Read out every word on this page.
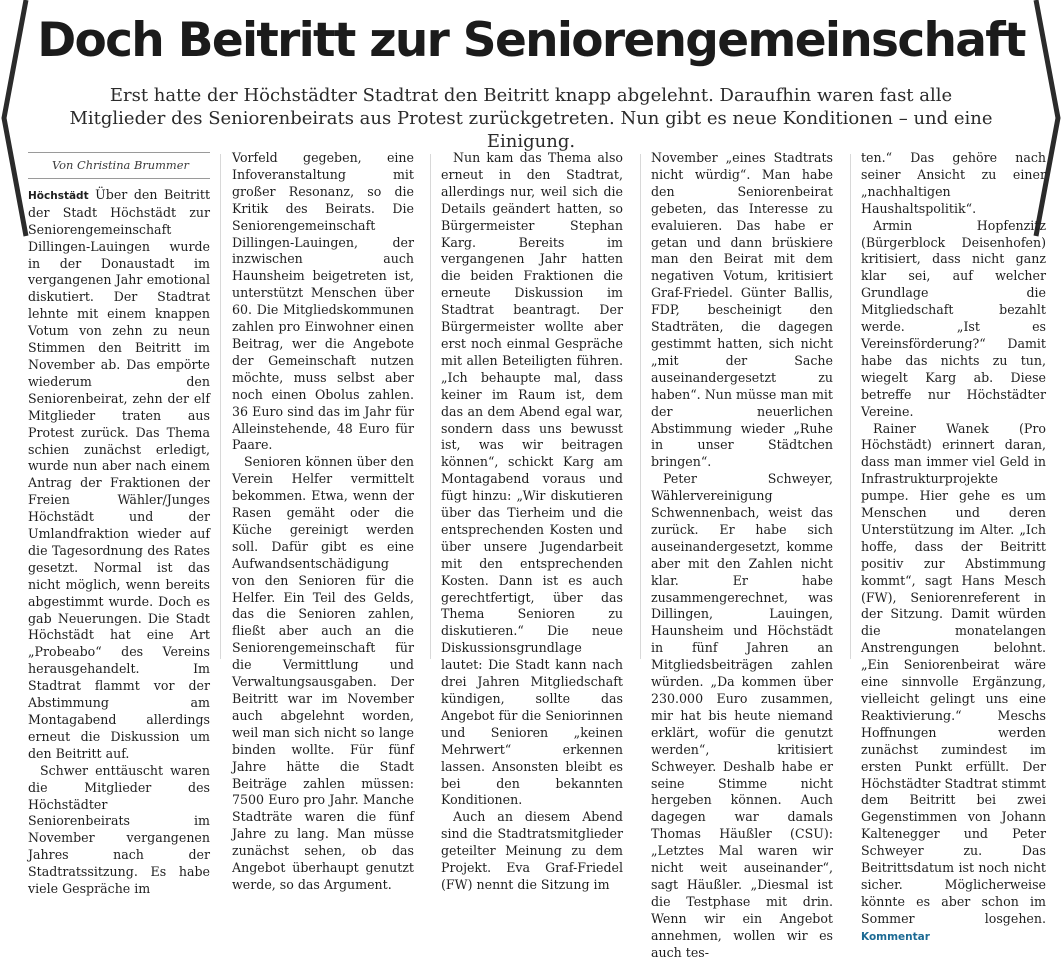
Doch Beitritt zur Seniorengemeinschaft
Erst hatte der Höchstädter Stadtrat den Beitritt knapp abgelehnt. Daraufhin waren fast alle Mitglieder des Seniorenbeirats aus Protest zurückgetreten. Nun gibt es neue Konditionen – und eine Einigung.
Von Christina Brummer

Höchstädt Über den Beitritt der Stadt Höchstädt zur Seniorengemeinschaft Dillingen-Lauingen wurde in der Donaustadt im vergangenen Jahr emotional diskutiert. Der Stadtrat lehnte mit einem knappen Votum von zehn zu neun Stimmen den Beitritt im November ab. Das empörte wiederum den Seniorenbeirat, zehn der elf Mitglieder traten aus Protest zurück. Das Thema schien zunächst erledigt, wurde nun aber nach einem Antrag der Fraktionen der Freien Wähler/Junges Höchstädt und der Umlandfraktion wieder auf die Tagesordnung des Rates gesetzt. Normal ist das nicht möglich, wenn bereits abgestimmt wurde. Doch es gab Neuerungen. Die Stadt Höchstädt hat eine Art „Probeabo“ des Vereins herausgehandelt. Im Stadtrat flammt vor der Abstimmung am Montagabend allerdings erneut die Diskussion um den Beitritt auf.

Schwer enttäuscht waren die Mitglieder des Höchstädter Seniorenbeirats im November vergangenen Jahres nach der Stadtratssitzung. Es habe viele Gespräche im

Vorfeld gegeben, eine Infoveranstaltung mit großer Resonanz, so die Kritik des Beirats. Die Seniorengemeinschaft Dillingen-Lauingen, der inzwischen auch Haunsheim beigetreten ist, unterstützt Menschen über 60. Die Mitgliedskommunen zahlen pro Einwohner einen Beitrag, wer die Angebote der Gemeinschaft nutzen möchte, muss selbst aber noch einen Obolus zahlen. 36 Euro sind das im Jahr für Alleinstehende, 48 Euro für Paare.

Senioren können über den Verein Helfer vermittelt bekommen. Etwa, wenn der Rasen gemäht oder die Küche gereinigt werden soll. Dafür gibt es eine Aufwandsentschädigung von den Senioren für die Helfer. Ein Teil des Gelds, das die Senioren zahlen, fließt aber auch an die Seniorengemeinschaft für die Vermittlung und Verwaltungsausgaben. Der Beitritt war im November auch abgelehnt worden, weil man sich nicht so lange binden wollte. Für fünf Jahre hätte die Stadt Beiträge zahlen müssen: 7500 Euro pro Jahr. Manche Stadträte waren die fünf Jahre zu lang. Man müsse zunächst sehen, ob das Angebot überhaupt genutzt werde, so das Argument.

Nun kam das Thema also erneut in den Stadtrat, allerdings nur, weil sich die Details geändert hatten, so Bürgermeister Stephan Karg. Bereits im vergangenen Jahr hatten die beiden Fraktionen die erneute Diskussion im Stadtrat beantragt. Der Bürgermeister wollte aber erst noch einmal Gespräche mit allen Beteiligten führen. „Ich behaupte mal, dass keiner im Raum ist, dem das an dem Abend egal war, sondern dass uns bewusst ist, was wir beitragen können“, schickt Karg am Montagabend voraus und fügt hinzu: „Wir diskutieren über das Tierheim und die entsprechenden Kosten und über unsere Jugendarbeit mit den entsprechenden Kosten. Dann ist es auch gerechtfertigt, über das Thema Senioren zu diskutieren.“ Die neue Diskussionsgrundlage lautet: Die Stadt kann nach drei Jahren Mitgliedschaft kündigen, sollte das Angebot für die Seniorinnen und Senioren „keinen Mehrwert“ erkennen lassen. Ansonsten bleibt es bei den bekannten Konditionen.

Auch an diesem Abend sind die Stadtratsmitglieder geteilter Meinung zu dem Projekt. Eva Graf-Friedel (FW) nennt die Sitzung im

November „eines Stadtrats nicht würdig“. Man habe den Seniorenbeirat gebeten, das Interesse zu evaluieren. Das habe er getan und dann brüskiere man den Beirat mit dem negativen Votum, kritisiert Graf-Friedel. Günter Ballis, FDP, bescheinigt den Stadträten, die dagegen gestimmt hatten, sich nicht „mit der Sache auseinandergesetzt zu haben“. Nun müsse man mit der neuerlichen Abstimmung wieder „Ruhe in unser Städtchen bringen“.

Peter Schweyer, Wählervereinigung Schwennenbach, weist das zurück. Er habe sich auseinandergesetzt, komme aber mit den Zahlen nicht klar. Er habe zusammengerechnet, was Dillingen, Lauingen, Haunsheim und Höchstädt in fünf Jahren an Mitgliedsbeiträgen zahlen würden. „Da kommen über 230.000 Euro zusammen, mir hat bis heute niemand erklärt, wofür die genutzt werden“, kritisiert Schweyer. Deshalb habe er seine Stimme nicht hergeben können. Auch dagegen war damals Thomas Häußler (CSU): „Letztes Mal waren wir nicht weit auseinander“, sagt Häußler. „Diesmal ist die Testphase mit drin. Wenn wir ein Angebot annehmen, wollen wir es auch tes-

ten.“ Das gehöre nach seiner Ansicht zu einer „nachhaltigen Haushaltspolitik“.

Armin Hopfenzitz (Bürgerblock Deisenhofen) kritisiert, dass nicht ganz klar sei, auf welcher Grundlage die Mitgliedschaft bezahlt werde. „Ist es Vereinsförderung?“ Damit habe das nichts zu tun, wiegelt Karg ab. Diese betreffe nur Höchstädter Vereine.

Rainer Wanek (Pro Höchstädt) erinnert daran, dass man immer viel Geld in Infrastrukturprojekte pumpe. Hier gehe es um Menschen und deren Unterstützung im Alter. „Ich hoffe, dass der Beitritt positiv zur Abstimmung kommt“, sagt Hans Mesch (FW), Seniorenreferent in der Sitzung. Damit würden die monatelangen Anstrengungen belohnt. „Ein Seniorenbeirat wäre eine sinnvolle Ergänzung, vielleicht gelingt uns eine Reaktivierung.“ Meschs Hoffnungen werden zunächst zumindest im ersten Punkt erfüllt. Der Höchstädter Stadtrat stimmt dem Beitritt bei zwei Gegenstimmen von Johann Kaltenegger und Peter Schweyer zu. Das Beitrittsdatum ist noch nicht sicher. Möglicherweise könnte es aber schon im Sommer losgehen. Kommentar
